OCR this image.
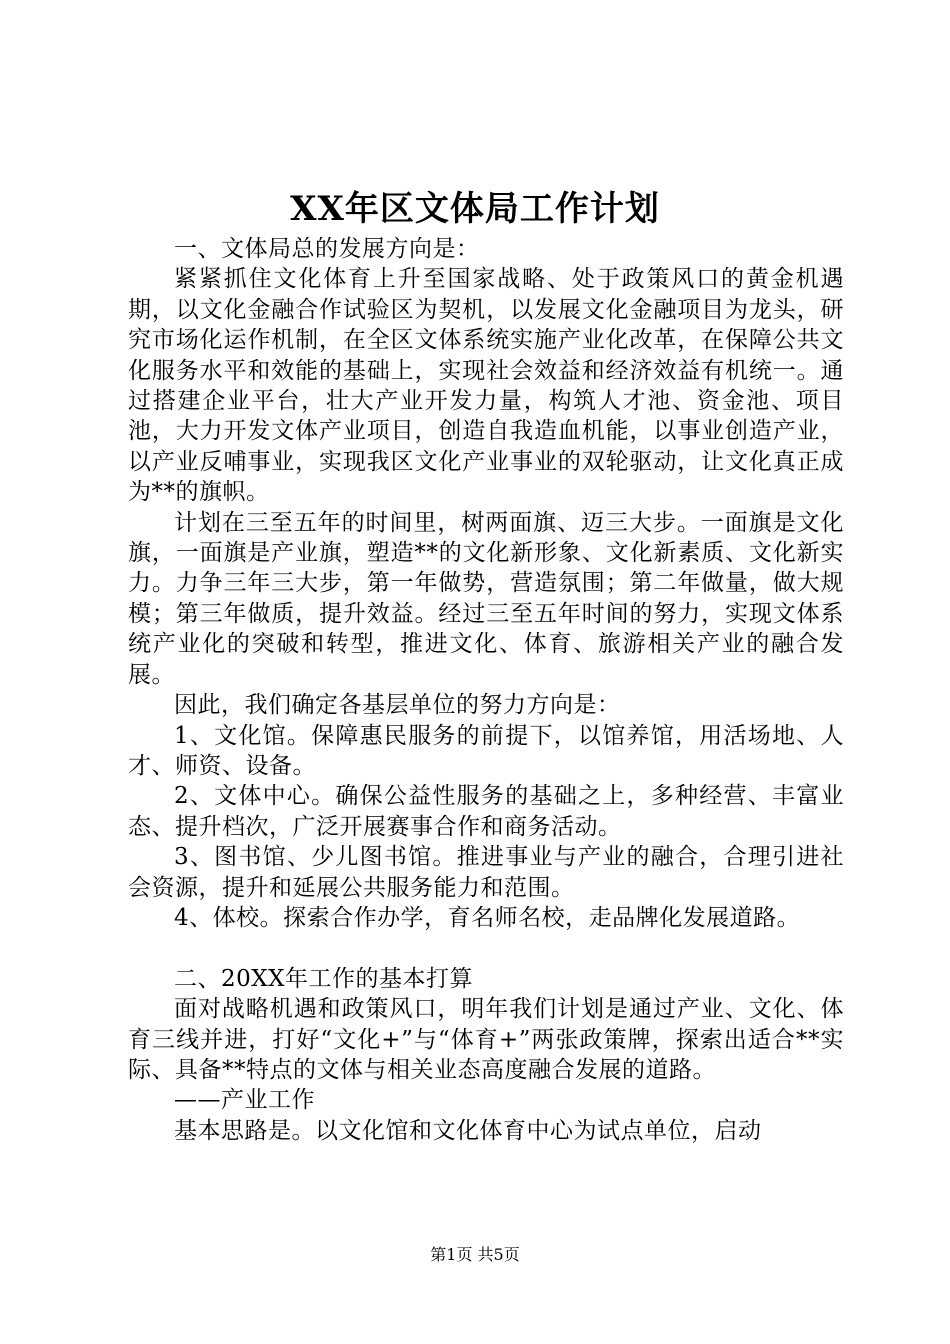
XX年区文体局工作计划

一、文体局总的发展方向是：

紧紧抓住文化体育上升至国家战略、处于政策风口的黄金机遇期，以文化金融合作试验区为契机，以发展文化金融项目为龙头，研究市场化运作机制，在全区文体系统实施产业化改革，在保障公共文化服务水平和效能的基础上，实现社会效益和经济效益有机统一。通过搭建企业平台，壮大产业开发力量，构筑人才池、资金池、项目池，大力开发文体产业项目，创造自我造血机能，以事业创造产业，以产业反哺事业，实现我区文化产业事业的双轮驱动，让文化真正成为**的旗帜。

计划在三至五年的时间里，树两面旗、迈三大步。一面旗是文化旗，一面旗是产业旗，塑造**的文化新形象、文化新素质、文化新实力。力争三年三大步，第一年做势，营造氛围；第二年做量，做大规模；第三年做质，提升效益。经过三至五年时间的努力，实现文体系统产业化的突破和转型，推进文化、体育、旅游相关产业的融合发展。

因此，我们确定各基层单位的努力方向是：

1、文化馆。保障惠民服务的前提下，以馆养馆，用活场地、人才、师资、设备。

2、文体中心。确保公益性服务的基础之上，多种经营、丰富业态、提升档次，广泛开展赛事合作和商务活动。

3、图书馆、少儿图书馆。推进事业与产业的融合，合理引进社会资源，提升和延展公共服务能力和范围。

4、体校。探索合作办学，育名师名校，走品牌化发展道路。

二、20XX年工作的基本打算

面对战略机遇和政策风口，明年我们计划是通过产业、文化、体育三线并进，打好“文化+”与“体育+”两张政策牌，探索出适合**实际、具备**特点的文体与相关业态高度融合发展的道路。

——产业工作

基本思路是。以文化馆和文化体育中心为试点单位，启动

第1页 共5页
